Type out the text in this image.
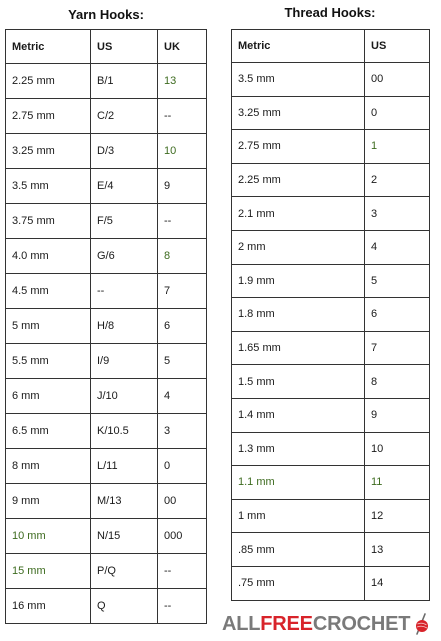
Yarn Hooks:	Thread Hooks:
Metric	US	UK
2.25 mm	B/1	13
2.75 mm	C/2	--
3.25 mm	D/3	10
3.5 mm	E/4	9
3.75 mm	F/5	--
4.0 mm	G/6	8
4.5 mm	--	7
5 mm	H/8	6
5.5 mm	I/9	5
6 mm	J/10	4
6.5 mm	K/10.5	3
8 mm	L/11	0
9 mm	M/13	00
10 mm	N/15	000
15 mm	P/Q	--
16 mm	Q	--
Metric	US
3.5 mm	00
3.25 mm	0
2.75 mm	1
2.25 mm	2
2.1 mm	3
2 mm	4
1.9 mm	5
1.8 mm	6
1.65 mm	7
1.5 mm	8
1.4 mm	9
1.3 mm	10
1.1 mm	11
1 mm	12
.85 mm	13
.75 mm	14
ALL FREE CROCHET
